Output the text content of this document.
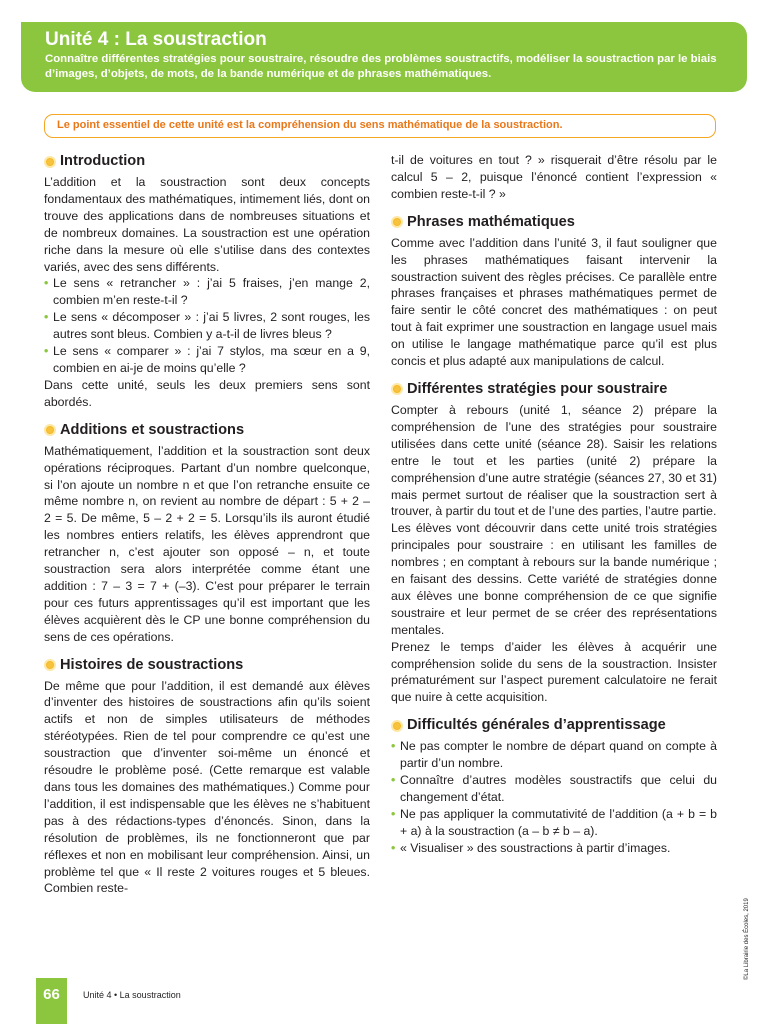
Unité 4 : La soustraction
Connaître différentes stratégies pour soustraire, résoudre des problèmes soustractifs, modéliser la soustraction par le biais d’images, d’objets, de mots, de la bande numérique et de phrases mathématiques.
Le point essentiel de cette unité est la compréhension du sens mathématique de la soustraction.
Introduction

L’addition et la soustraction sont deux concepts fondamentaux des mathématiques, intimement liés, dont on trouve des applications dans de nombreuses situations et de nombreux domaines. La soustraction est une opération riche dans la mesure où elle s’utilise dans des contextes variés, avec des sens différents.

• Le sens « retrancher » : j’ai 5 fraises, j’en mange 2, combien m’en reste-t-il ?
• Le sens « décomposer » : j’ai 5 livres, 2 sont rouges, les autres sont bleus. Combien y a-t-il de livres bleus ?
• Le sens « comparer » : j’ai 7 stylos, ma sœur en a 9, combien en ai-je de moins qu’elle ?

Dans cette unité, seuls les deux premiers sens sont abordés.

Additions et soustractions

Mathématiquement, l’addition et la soustraction sont deux opérations réciproques. Partant d’un nombre quelconque, si l’on ajoute un nombre n et que l’on retranche ensuite ce même nombre n, on revient au nombre de départ : 5 + 2 – 2 = 5. De même, 5 – 2 + 2 = 5. Lorsqu’ils ils auront étudié les nombres entiers relatifs, les élèves apprendront que retrancher n, c’est ajouter son opposé – n, et toute soustraction sera alors interprétée comme étant une addition : 7 – 3 = 7 + (–3). C’est pour préparer le terrain pour ces futurs apprentissages qu’il est important que les élèves acquièrent dès le CP une bonne compréhension du sens de ces opérations.

Histoires de soustractions

De même que pour l’addition, il est demandé aux élèves d’inventer des histoires de soustractions afin qu’ils soient actifs et non de simples utilisateurs de méthodes stéréotypées. Rien de tel pour comprendre ce qu’est une soustraction que d’inventer soi-même un énoncé et résoudre le problème posé. (Cette remarque est valable dans tous les domaines des mathématiques.) Comme pour l’addition, il est indispensable que les élèves ne s’habituent pas à des rédactions-types d’énoncés. Sinon, dans la résolution de problèmes, ils ne fonctionneront que par réflexes et non en mobilisant leur compréhension. Ainsi, un problème tel que « Il reste 2 voitures rouges et 5 bleues. Combien reste-

t-il de voitures en tout ? » risquerait d’être résolu par le calcul 5 – 2, puisque l’énoncé contient l’expression « combien reste-t-il ? »

Phrases mathématiques

Comme avec l’addition dans l’unité 3, il faut souligner que les phrases mathématiques faisant intervenir la soustraction suivent des règles précises. Ce parallèle entre phrases françaises et phrases mathématiques permet de faire sentir le côté concret des mathématiques : on peut tout à fait exprimer une soustraction en langage usuel mais on utilise le langage mathématique parce qu’il est plus concis et plus adapté aux manipulations de calcul.

Différentes stratégies pour soustraire

Compter à rebours (unité 1, séance 2) prépare la compréhension de l’une des stratégies pour soustraire utilisées dans cette unité (séance 28). Saisir les relations entre le tout et les parties (unité 2) prépare la compréhension d’une autre stratégie (séances 27, 30 et 31) mais permet surtout de réaliser que la soustraction sert à trouver, à partir du tout et de l’une des parties, l’autre partie.

Les élèves vont découvrir dans cette unité trois stratégies principales pour soustraire : en utilisant les familles de nombres ; en comptant à rebours sur la bande numérique ; en faisant des dessins. Cette variété de stratégies donne aux élèves une bonne compréhension de ce que signifie soustraire et leur permet de se créer des représentations mentales.

Prenez le temps d’aider les élèves à acquérir une compréhension solide du sens de la soustraction. Insister prématurément sur l’aspect purement calculatoire ne ferait que nuire à cette acquisition.

Difficultés générales d’apprentissage
• Ne pas compter le nombre de départ quand on compte à partir d’un nombre.
• Connaître d’autres modèles soustractifs que celui du changement d’état.
• Ne pas appliquer la commutativité de l’addition (a + b = b + a) à la soustraction (a – b ≠ b – a).
• « Visualiser » des soustractions à partir d’images.
66	Unité 4 • La soustraction
©La Librairie des Écoles, 2019
